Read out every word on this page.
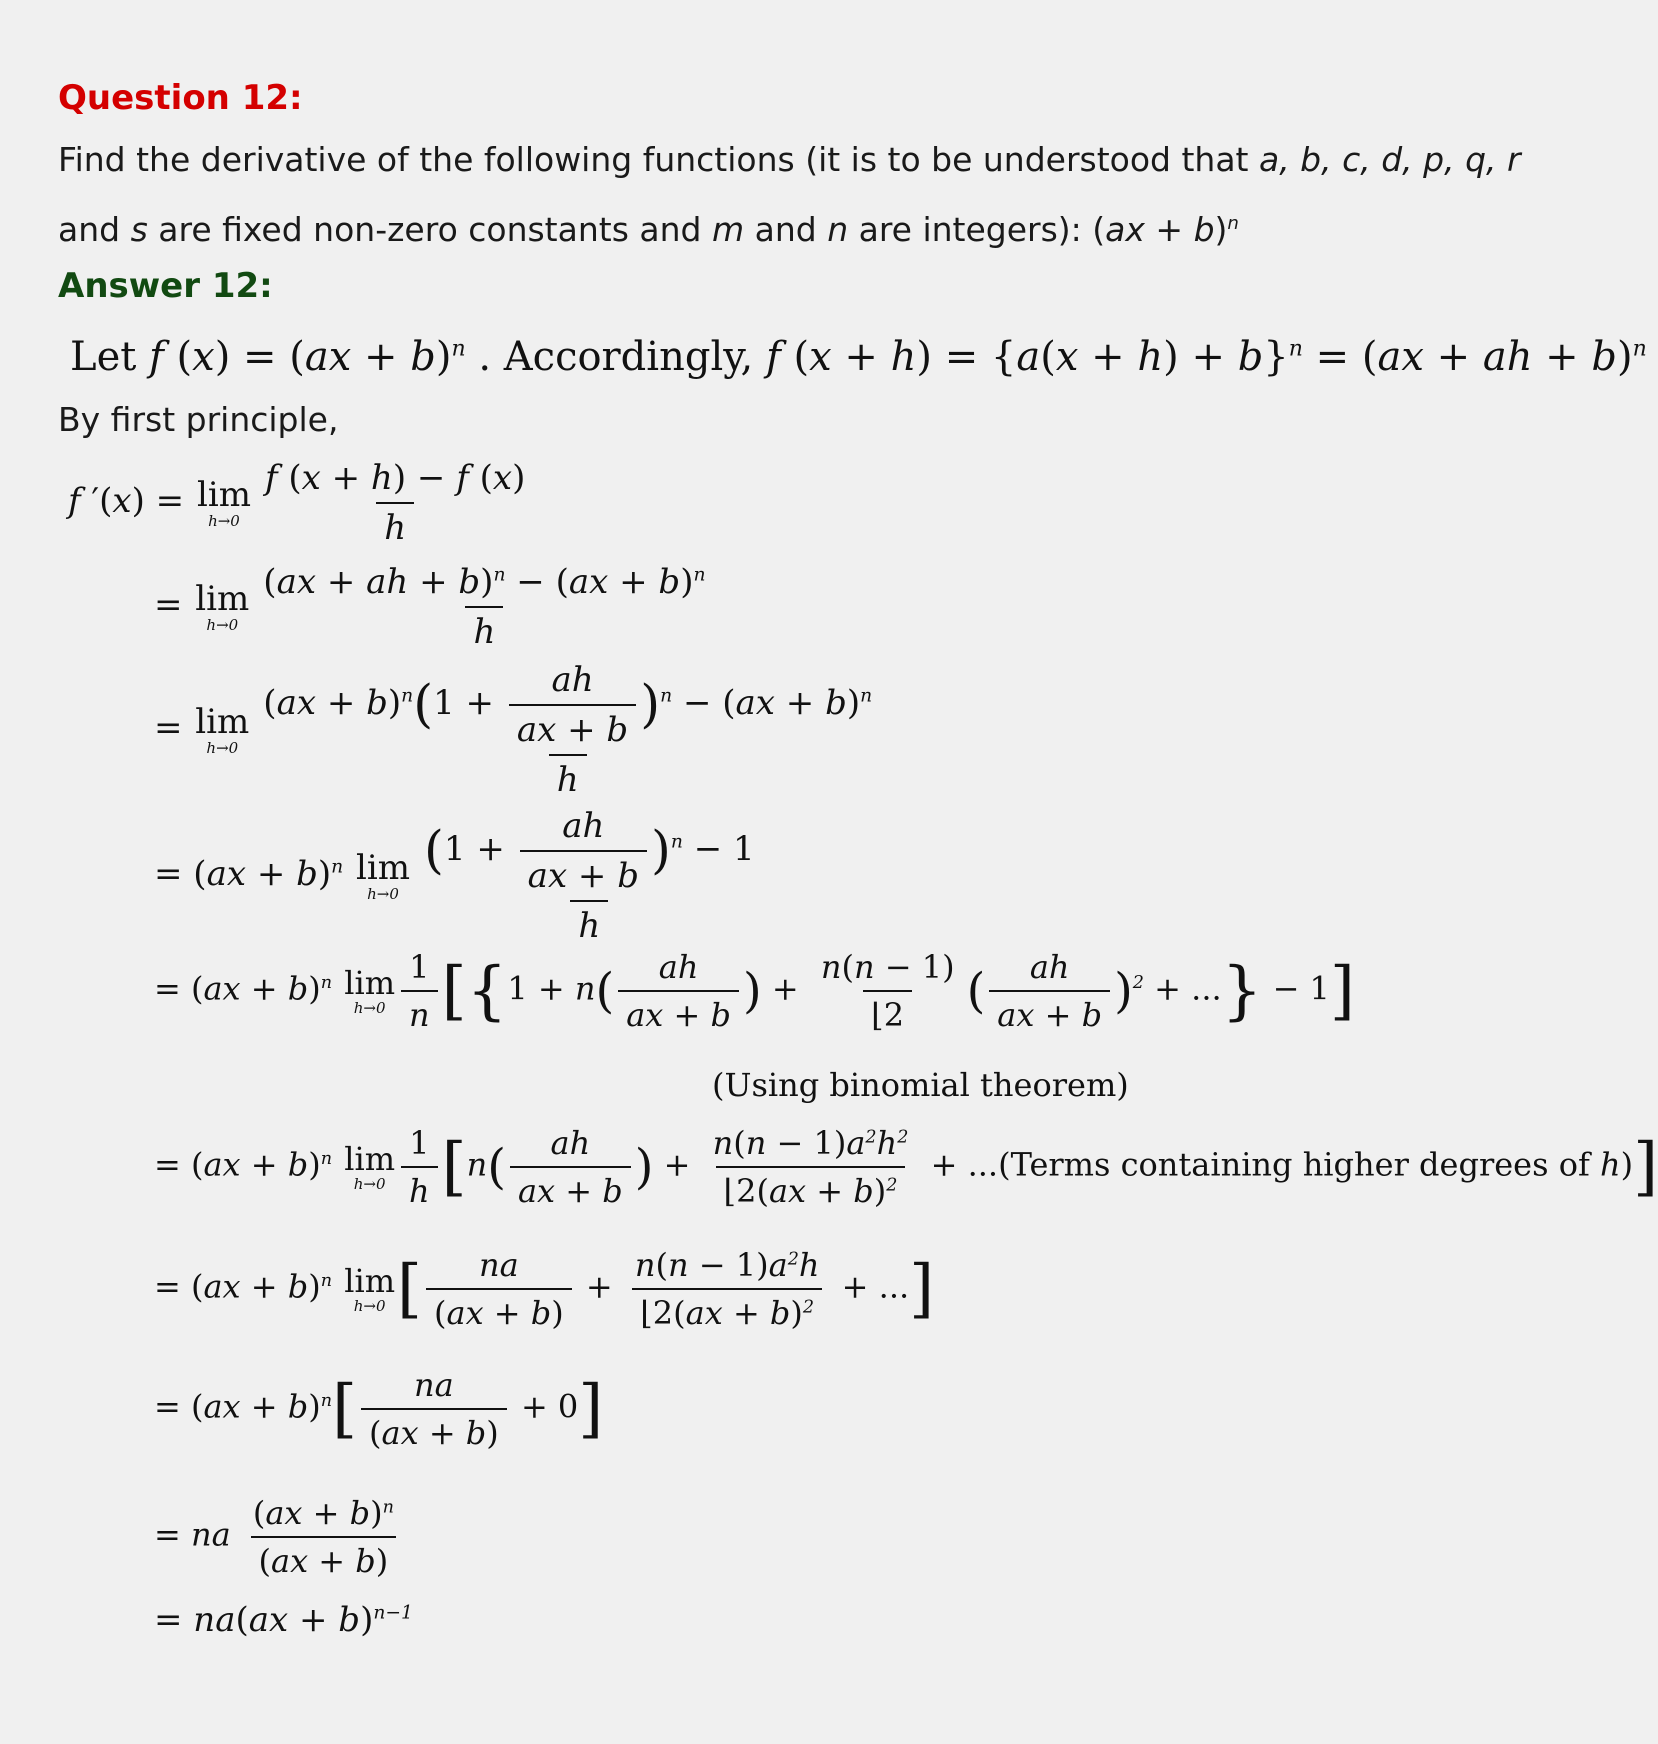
Question 12:
Find the derivative of the following functions (it is to be understood that a, b, c, d, p, q, r and s are fixed non-zero constants and m and n are integers): (ax + b)$^n$
Answer 12:
Let f (x) = (ax + b)$^n$ . Accordingly, f $(x + h) = \{a(x + h) + b\}^n = (ax$ + ah + b)$^n$
By first principle,
f ′(x) = lim
$h\to 0 \frac{f (x + h) - f (x)}{h}$
= lim
$h\to 0 \frac{(ax + ah + b)^n - (ax + b)^n}{h}$
= lim
$h\to 0 \frac{(ax + b)^n(1 + \frac{ah}{ax + b} )^n - (ax + b)^n}{h}$
= (ax + b)$^n$ lim
$h\to 0 \frac{(1 + \frac{ah}{ax + b} )^n - 1}{h}$
= (ax + b)$^n$ lim
$h\to 0 \frac{1}{n} [\{1 + n( \frac{ah}{ax + b}$ ) + $\frac{n(n - 1)}{⌊2}$ ( $\frac{ah}{ax + b} )^2$ + ...} − 1]
(Using binomial theorem)
= (ax + b)$^n$ lim
$h\to 0 \frac{1}{h} [n( \frac{ah}{ax + b}$ ) + $\frac{n(n - 1)a^2h^2}{⌊2(ax + b)^2}$ + ...(Terms containing higher degrees of h)]
= (ax + b)$^n$ lim
h→0 [ $\frac{na}{(ax + b)} + \frac{n(n - 1)a^2h}{⌊2(ax + b)^2}$ + ...]
= $(ax + b)^n[ \frac{na}{(ax + b)} + 0]$
= na $\frac{(ax + b)^n}{(ax + b)}$
= na(ax + b)$^{n-1}$
